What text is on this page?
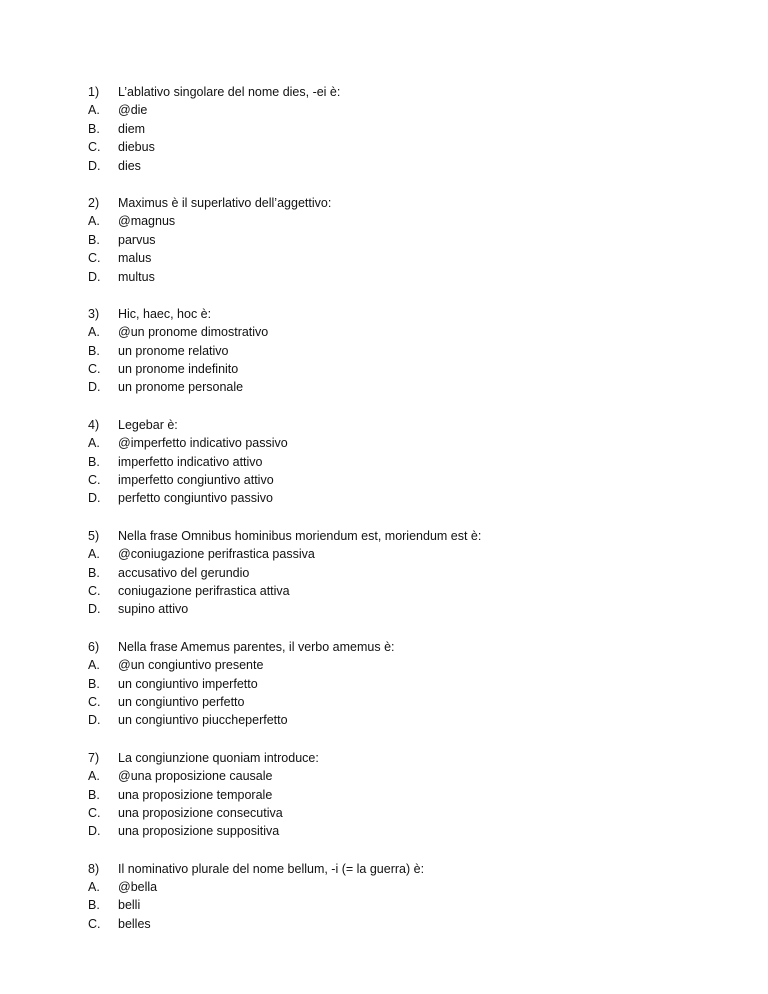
1)	L’ablativo singolare del nome dies, -ei è:
A.	@die
B.	diem
C.	diebus
D.	dies
2)	Maximus è il superlativo dell’aggettivo:
A.	@magnus
B.	parvus
C.	malus
D.	multus
3)	Hic, haec, hoc è:
A.	@un pronome dimostrativo
B.	un pronome relativo
C.	un pronome indefinito
D.	un pronome personale
4)	Legebar è:
A.	@imperfetto indicativo passivo
B.	imperfetto indicativo attivo
C.	imperfetto congiuntivo attivo
D.	perfetto congiuntivo passivo
5)	Nella frase Omnibus hominibus moriendum est, moriendum est è:
A.	@coniugazione perifrastica passiva
B.	accusativo del gerundio
C.	coniugazione perifrastica attiva
D.	supino attivo
6)	Nella frase Amemus parentes, il verbo amemus è:
A.	@un congiuntivo presente
B.	un congiuntivo imperfetto
C.	un congiuntivo perfetto
D.	un congiuntivo piuccheperfetto
7)	La congiunzione quoniam introduce:
A.	@una proposizione causale
B.	una proposizione temporale
C.	una proposizione consecutiva
D.	una proposizione suppositiva
8)	Il nominativo plurale del nome bellum, -i (= la guerra) è:
A.	@bella
B.	belli
C.	belles
